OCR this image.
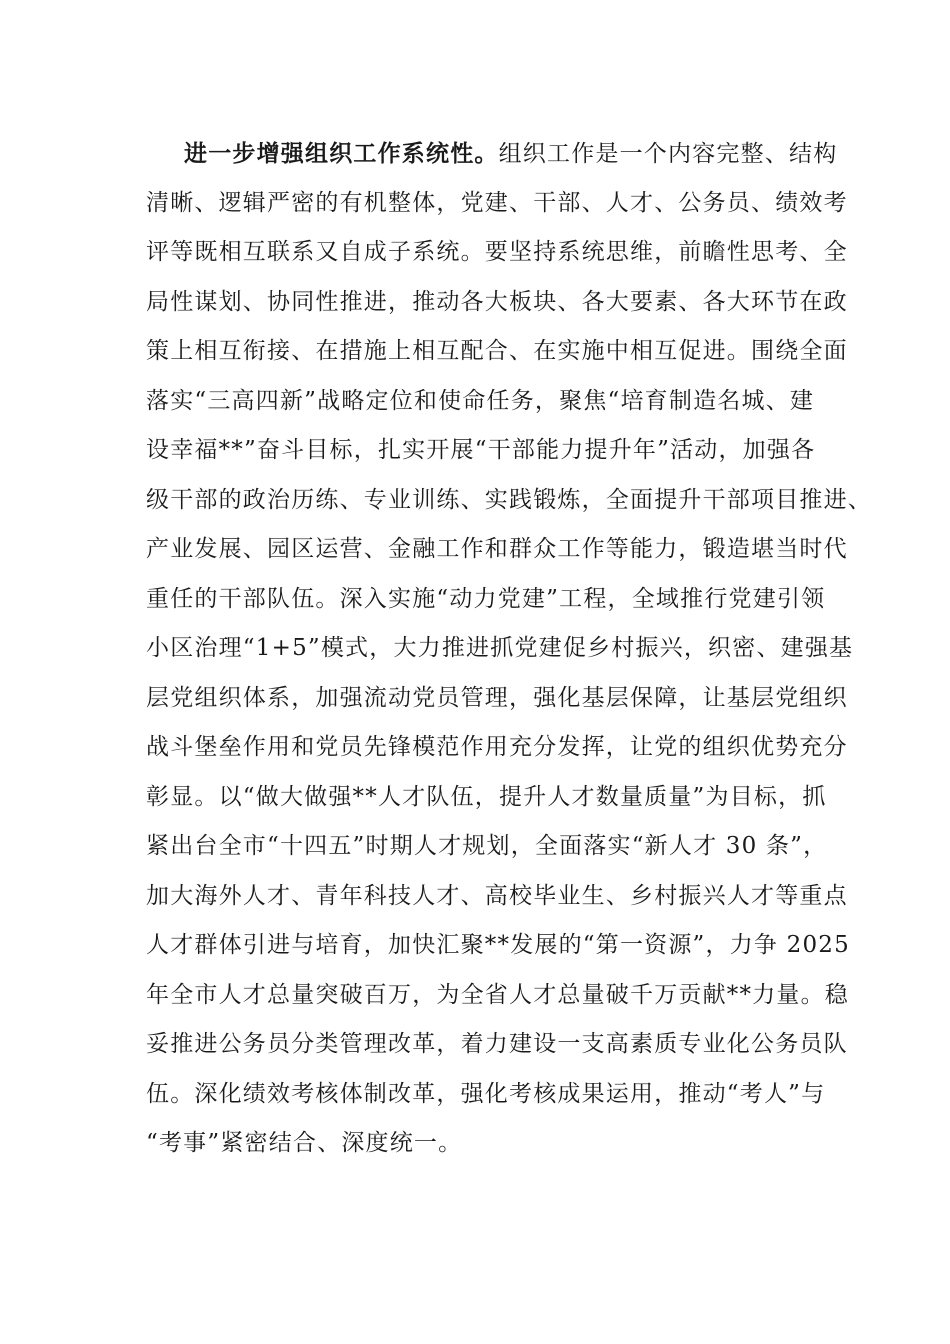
进一步增强组织工作系统性。组织工作是一个内容完整、结构
清晰、逻辑严密的有机整体，党建、干部、人才、公务员、绩效考
评等既相互联系又自成子系统。要坚持系统思维，前瞻性思考、全
局性谋划、协同性推进，推动各大板块、各大要素、各大环节在政
策上相互衔接、在措施上相互配合、在实施中相互促进。围绕全面
落实“三高四新”战略定位和使命任务，聚焦“培育制造名城、建
设幸福**”奋斗目标，扎实开展“干部能力提升年”活动，加强各
级干部的政治历练、专业训练、实践锻炼，全面提升干部项目推进、
产业发展、园区运营、金融工作和群众工作等能力，锻造堪当时代
重任的干部队伍。深入实施“动力党建”工程，全域推行党建引领
小区治理“1+5”模式，大力推进抓党建促乡村振兴，织密、建强基
层党组织体系，加强流动党员管理，强化基层保障，让基层党组织
战斗堡垒作用和党员先锋模范作用充分发挥，让党的组织优势充分
彰显。以“做大做强**人才队伍，提升人才数量质量”为目标，抓
紧出台全市“十四五”时期人才规划，全面落实“新人才 30 条”，
加大海外人才、青年科技人才、高校毕业生、乡村振兴人才等重点
人才群体引进与培育，加快汇聚**发展的“第一资源”，力争 2025
年全市人才总量突破百万，为全省人才总量破千万贡献**力量。稳
妥推进公务员分类管理改革，着力建设一支高素质专业化公务员队
伍。深化绩效考核体制改革，强化考核成果运用，推动“考人”与
“考事”紧密结合、深度统一。
